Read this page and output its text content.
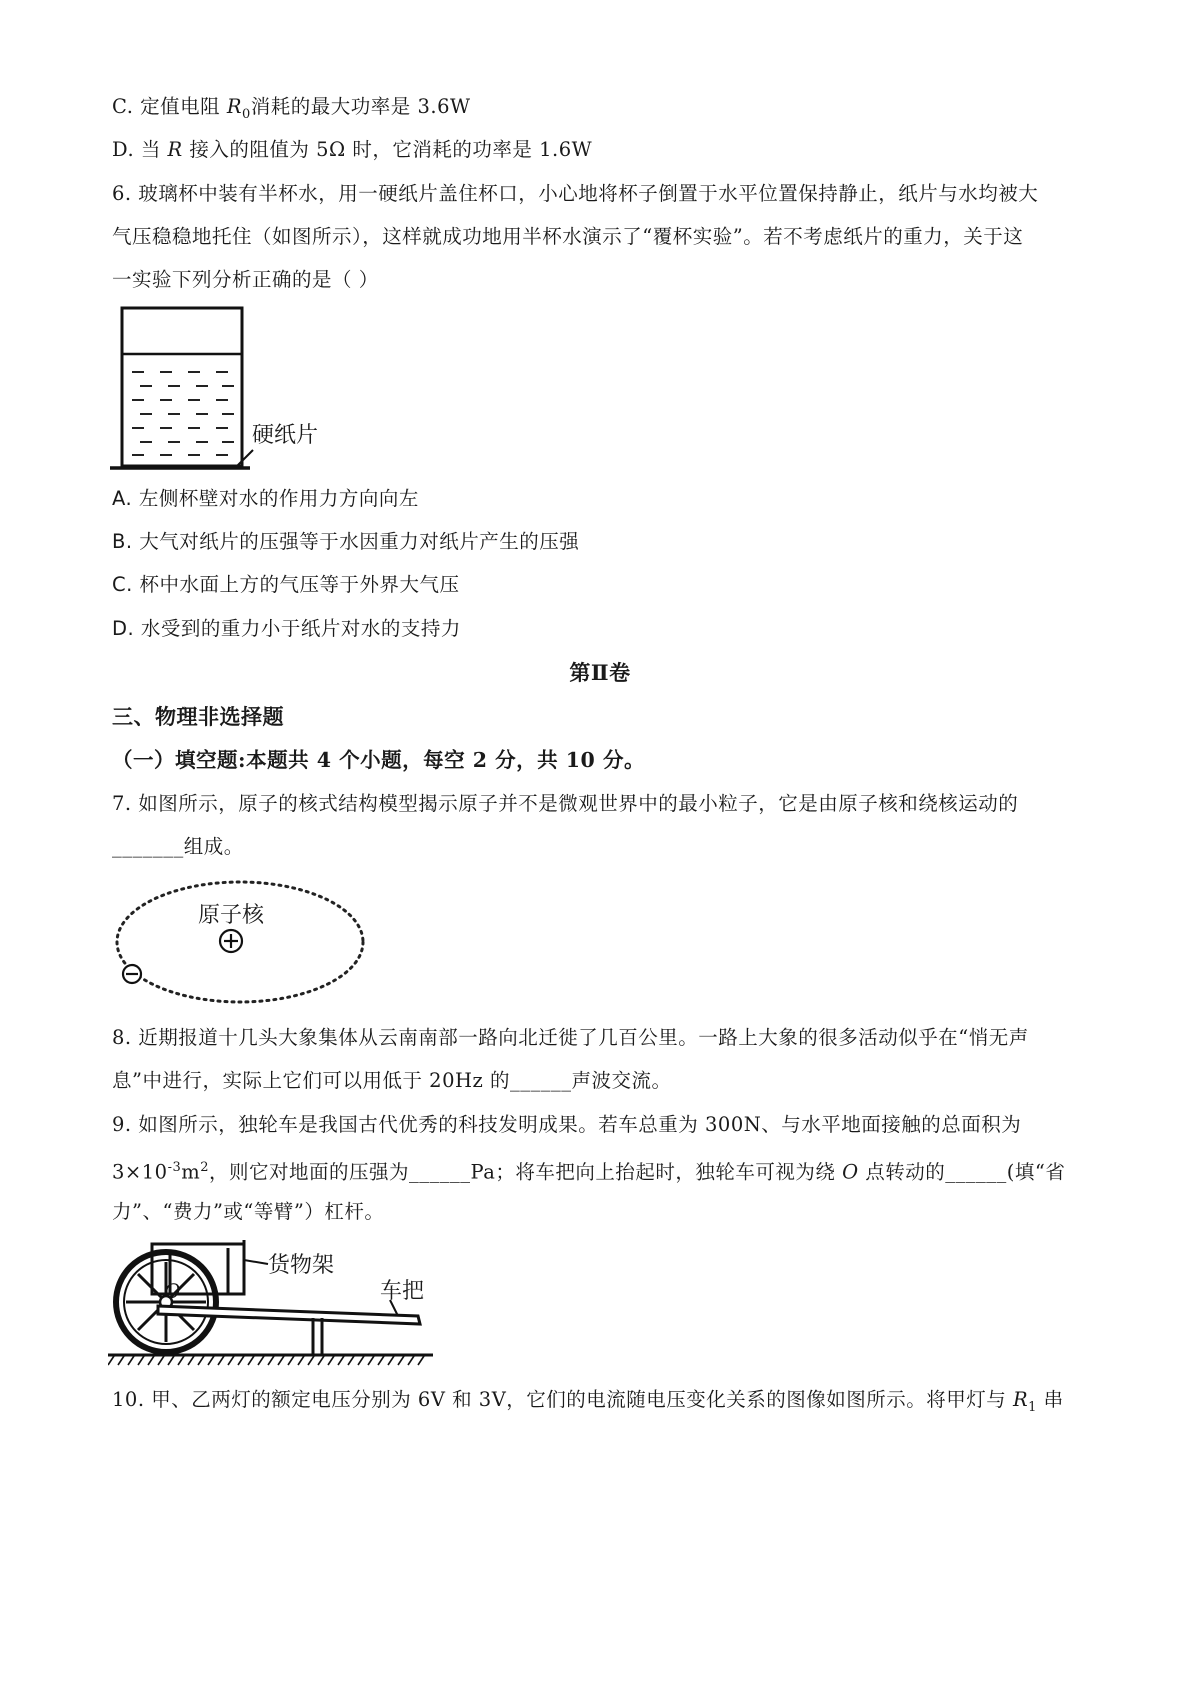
C. 定值电阻 $R_0$消耗的最大功率是 3.6W
D. 当 R 接入的阻值为 5Ω 时，它消耗的功率是 1.6W
6. 玻璃杯中装有半杯水，用一硬纸片盖住杯口，小心地将杯子倒置于水平位置保持静止，纸片与水均被大
气压稳稳地托住（如图所示），这样就成功地用半杯水演示了“覆杯实验”。若不考虑纸片的重力，关于这
一实验下列分析正确的是（ ）
硬纸片
A. 左侧杯壁对水的作用力方向向左
B. 大气对纸片的压强等于水因重力对纸片产生的压强
C. 杯中水面上方的气压等于外界大气压
D. 水受到的重力小于纸片对水的支持力
第Ⅱ卷
三、物理非选择题
（一）填空题:本题共 4 个小题，每空 2 分，共 10 分。
7. 如图所示，原子的核式结构模型揭示原子并不是微观世界中的最小粒子，它是由原子核和绕核运动的
_______组成。
原子核
8. 近期报道十几头大象集体从云南南部一路向北迁徙了几百公里。一路上大象的很多活动似乎在“悄无声
息”中进行，实际上它们可以用低于 20Hz 的______声波交流。
9. 如图所示，独轮车是我国古代优秀的科技发明成果。若车总重为 300N、与水平地面接触的总面积为
$3\times 10^{-3}m^2$，则它对地面的压强为______Pa；将车把向上抬起时，独轮车可视为绕 O 点转动的______(填“省
力”、“费力”或“等臂”）杠杆。
O
货物架
车把
10. 甲、乙两灯的额定电压分别为 6V 和 3V，它们的电流随电压变化关系的图像如图所示。将甲灯与 $R_1$ 串
